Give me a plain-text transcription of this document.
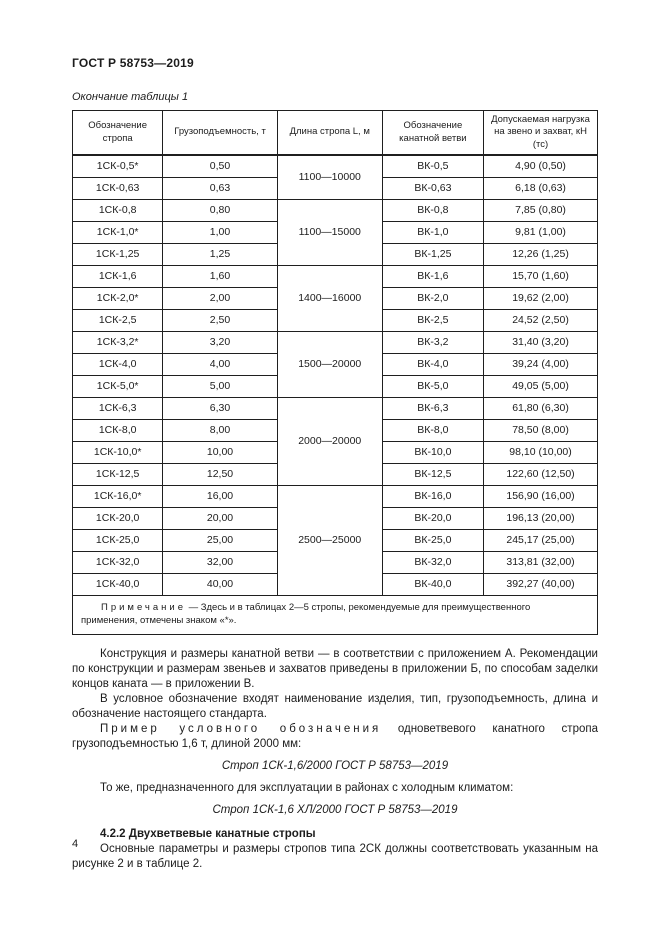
ГОСТ Р 58753—2019
Окончание таблицы 1
Обозначение стропа	Грузоподъемность, т	Длина стропа L, м	Обозначение канатной ветви	Допускаемая нагрузка на звено и захват, кН (тс)
1СК-0,5*	0,50	1100—10000	ВК-0,5	4,90 (0,50)
1СК-0,63	0,63		ВК-0,63	6,18 (0,63)
1СК-0,8	0,80	1100—15000	ВК-0,8	7,85 (0,80)
1СК-1,0*	1,00		ВК-1,0	9,81 (1,00)
1СК-1,25	1,25		ВК-1,25	12,26 (1,25)
1СК-1,6	1,60	1400—16000	ВК-1,6	15,70 (1,60)
1СК-2,0*	2,00		ВК-2,0	19,62 (2,00)
1СК-2,5	2,50		ВК-2,5	24,52 (2,50)
1СК-3,2*	3,20	1500—20000	ВК-3,2	31,40 (3,20)
1СК-4,0	4,00		ВК-4,0	39,24 (4,00)
1СК-5,0*	5,00		ВК-5,0	49,05 (5,00)
1СК-6,3	6,30	2000—20000	ВК-6,3	61,80 (6,30)
1СК-8,0	8,00		ВК-8,0	78,50 (8,00)
1СК-10,0*	10,00		ВК-10,0	98,10 (10,00)
1СК-12,5	12,50		ВК-12,5	122,60 (12,50)
1СК-16,0*	16,00	2500—25000	ВК-16,0	156,90 (16,00)
1СК-20,0	20,00		ВК-20,0	196,13 (20,00)
1СК-25,0	25,00		ВК-25,0	245,17 (25,00)
1СК-32,0	32,00		ВК-32,0	313,81 (32,00)
1СК-40,0	40,00		ВК-40,0	392,27 (40,00)
Примечание — Здесь и в таблицах 2—5 стропы, рекомендуемые для преимущественного применения, отмечены знаком «*».				

Конструкция и размеры канатной ветви — в соответствии с приложением А. Рекомендации по конструкции и размерам звеньев и захватов приведены в приложении Б, по способам заделки концов каната — в приложении В.

В условное обозначение входят наименование изделия, тип, грузоподъемность, длина и обозначение настоящего стандарта.

Пример условного обозначения одноветвевого канатного стропа грузоподъемностью 1,6 т, длиной 2000 мм:

Строп 1СК-1,6/2000 ГОСТ Р 58753—2019

То же, предназначенного для эксплуатации в районах с холодным климатом:

Строп 1СК-1,6 ХЛ/2000 ГОСТ Р 58753—2019

4.2.2 Двухветвевые канатные стропы

Основные параметры и размеры стропов типа 2СК должны соответствовать указанным на рисунке 2 и в таблице 2.

4
